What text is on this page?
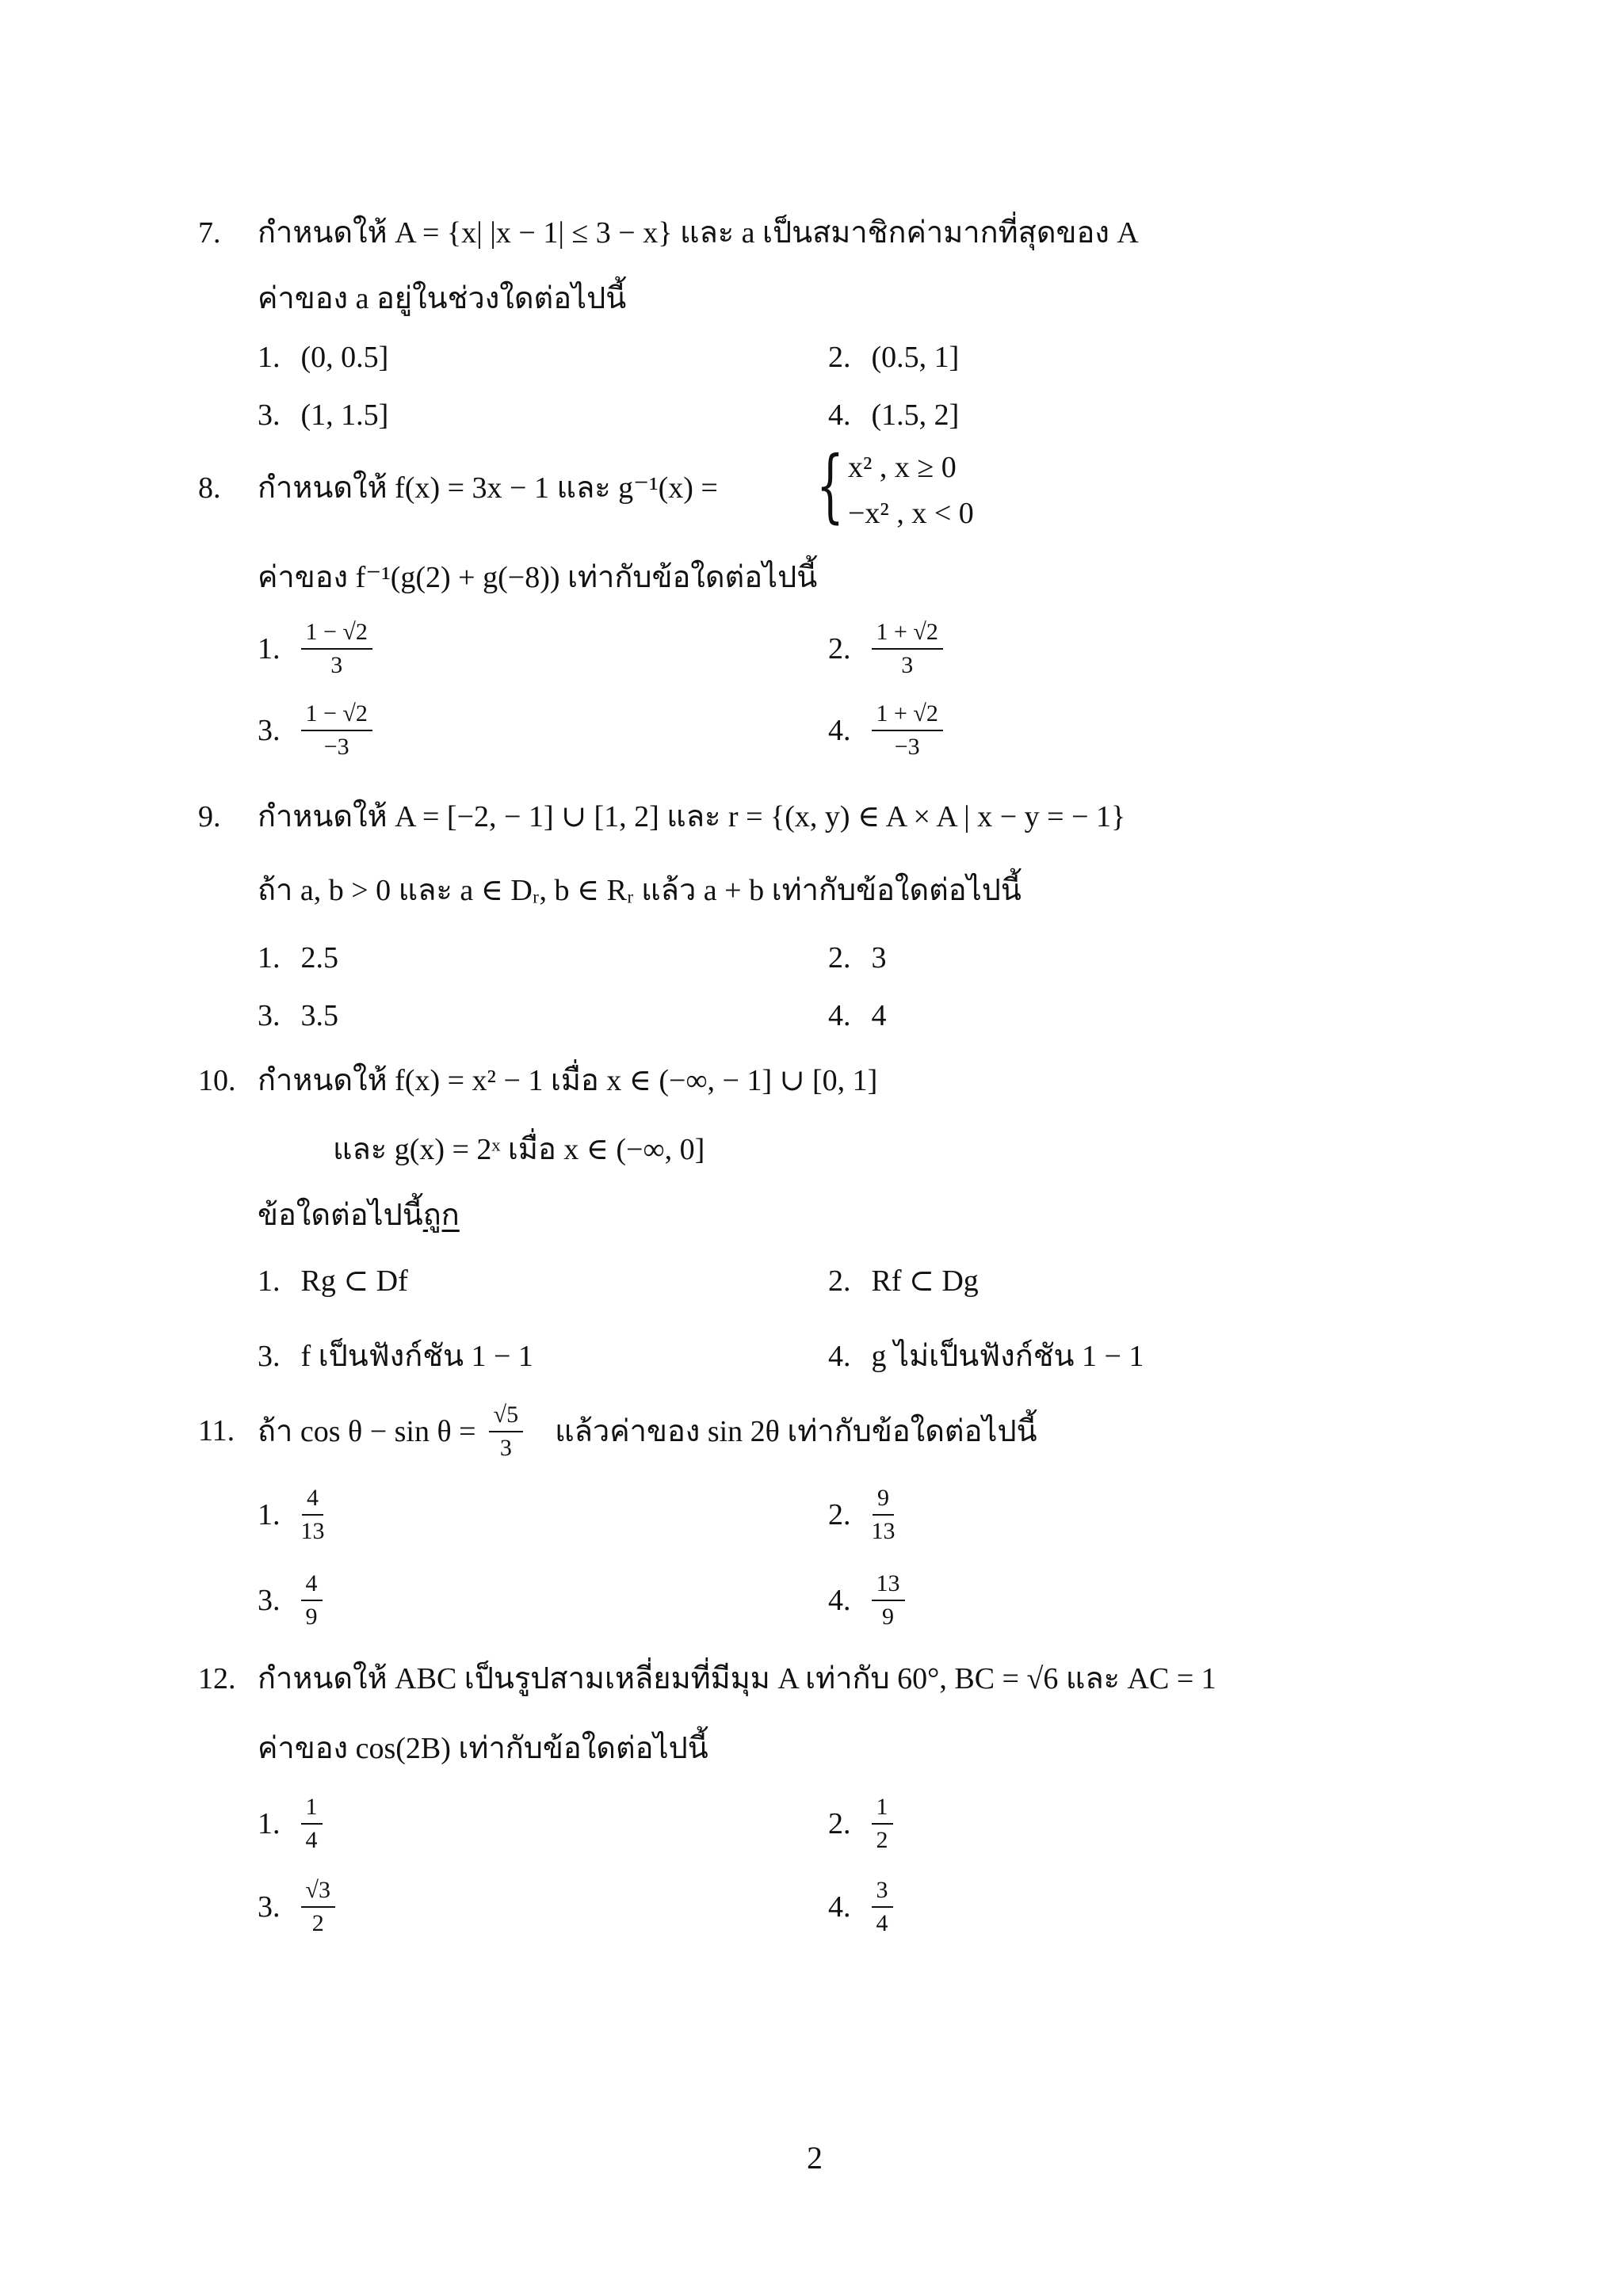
7. กำหนดให้ A = {x| |x − 1| ≤ 3 − x} และ a เป็นสมาชิกค่ามากที่สุดของ A
ค่าของ a อยู่ในช่วงใดต่อไปนี้
1. (0, 0.5]	2. (0.5, 1]
3. (1, 1.5]	4. (1.5, 2]
8. กำหนดให้ f(x) = 3x − 1 และ g⁻¹(x) = { x² , x ≥ 0
−x² , x < 0
ค่าของ f⁻¹(g(2) + g(−8)) เท่ากับข้อใดต่อไปนี้
1. $\frac{1 - √2}{3}$	2. $\frac{1 + √2}{3}$
3. $\frac{1 - √2}{-3}$	4. $\frac{1 + √2}{-3}$
9. กำหนดให้ A = [−2, − 1] ∪ [1, 2] และ r = {(x, y) ∈ A × A | x − y = − 1}
ถ้า a, b > 0 และ a ∈ Dᵣ, b ∈ Rᵣ แล้ว a + b เท่ากับข้อใดต่อไปนี้
1. 2.5	2. 3
3. 3.5	4. 4
10. กำหนดให้ f(x) = x² − 1 เมื่อ x ∈ (−∞, − 1] ∪ [0, 1]
และ g(x) = 2ˣ เมื่อ x ∈ (−∞, 0]
ข้อใดต่อไปนี้ถูก
1. Rg ⊂ Df	2. Rf ⊂ Dg
3. f เป็นฟังก์ชัน 1 − 1	4. g ไม่เป็นฟังก์ชัน 1 − 1
11. ถ้า $\cos \theta - \sin \theta = \frac{√5}{3}$ แล้วค่าของ sin 2θ เท่ากับข้อใดต่อไปนี้
1. $\frac{4}{13}$	2. $\frac{9}{13}$
3. $\frac{4}{9}$	4. $\frac{13}{9}$
12. กำหนดให้ ABC เป็นรูปสามเหลี่ยมที่มีมุม A เท่ากับ 60°, BC = √6 และ AC = 1
ค่าของ cos(2B) เท่ากับข้อใดต่อไปนี้
1. $\frac{1}{4}$	2. $\frac{1}{2}$
3. $\frac{√3}{2}$	4. $\frac{3}{4}$
2
